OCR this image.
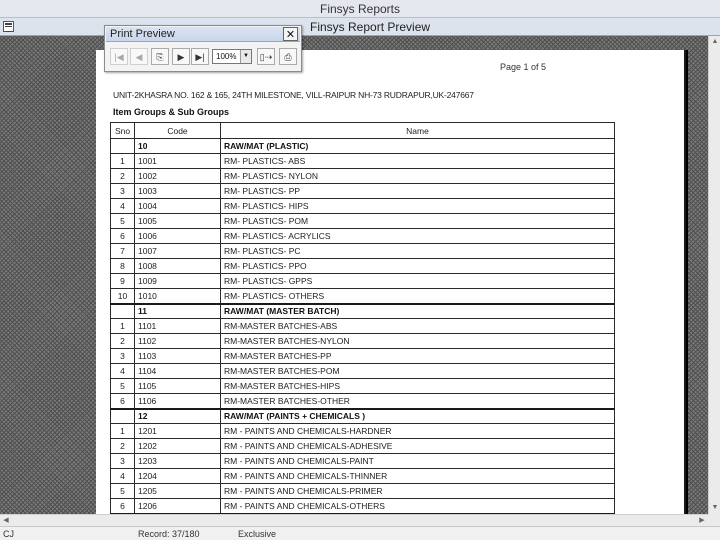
Finsys Reports
Finsys Report Preview
Page 1 of 5
UNIT-2KHASRA NO. 162 & 165, 24TH MILESTONE, VILL-RAIPUR NH-73 RUDRAPUR,UK-247667
Item Groups & Sub Groups
Sno	Code	Name
	10	RAW/MAT (PLASTIC)
1	1001	RM- PLASTICS- ABS
2	1002	RM- PLASTICS- NYLON
3	1003	RM- PLASTICS- PP
4	1004	RM- PLASTICS- HIPS
5	1005	RM- PLASTICS- POM
6	1006	RM- PLASTICS- ACRYLICS
7	1007	RM- PLASTICS- PC
8	1008	RM- PLASTICS- PPO
9	1009	RM- PLASTICS- GPPS
10	1010	RM- PLASTICS- OTHERS
	11	RAW/MAT (MASTER BATCH)
1	1101	RM-MASTER BATCHES-ABS
2	1102	RM-MASTER BATCHES-NYLON
3	1103	RM-MASTER BATCHES-PP
4	1104	RM-MASTER BATCHES-POM
5	1105	RM-MASTER BATCHES-HIPS
6	1106	RM-MASTER BATCHES-OTHER
	12	RAW/MAT (PAINTS + CHEMICALS )
1	1201	RM - PAINTS AND CHEMICALS-HARDNER
2	1202	RM - PAINTS AND CHEMICALS-ADHESIVE
3	1203	RM - PAINTS AND CHEMICALS-PAINT
4	1204	RM - PAINTS AND CHEMICALS-THINNER
5	1205	RM - PAINTS AND CHEMICALS-PRIMER
6	1206	RM - PAINTS AND CHEMICALS-OTHERS

▲
▼
◀	▶
CJ	Record: 37/180	Exclusive
Print Preview	✕
|◀	◀	⎘	▶	▶|	100%	▼	▯⇢	⎙
